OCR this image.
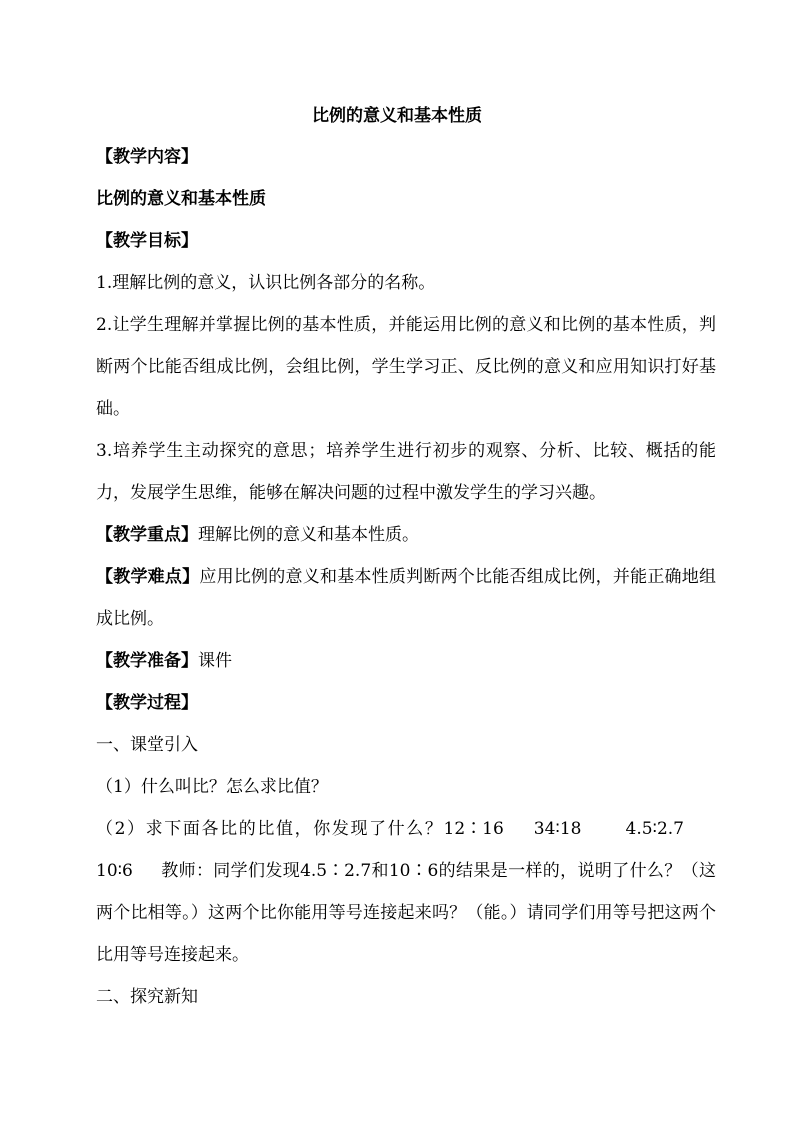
比例的意义和基本性质
【教学内容】
比例的意义和基本性质
【教学目标】
1.理解比例的意义，认识比例各部分的名称。
2.让学生理解并掌握比例的基本性质，并能运用比例的意义和比例的基本性质，判断两个比能否组成比例，会组比例，学生学习正、反比例的意义和应用知识打好基础。
3.培养学生主动探究的意思；培养学生进行初步的观察、分析、比较、概括的能力，发展学生思维，能够在解决问题的过程中激发学生的学习兴趣。
【教学重点】理解比例的意义和基本性质。
【教学难点】应用比例的意义和基本性质判断两个比能否组成比例，并能正确地组成比例。
【教学准备】课件
【教学过程】
一、课堂引入
（1）什么叫比？怎么求比值？
（2）求下面各比的比值，你发现了什么？12∶16 34∶18	4.5∶2.710∶6 教师：同学们发现4.5∶2.7和10∶6的结果是一样的，说明了什么？（这两个比相等。）这两个比你能用等号连接起来吗？（能。）请同学们用等号把这两个比用等号连接起来。
二、探究新知
